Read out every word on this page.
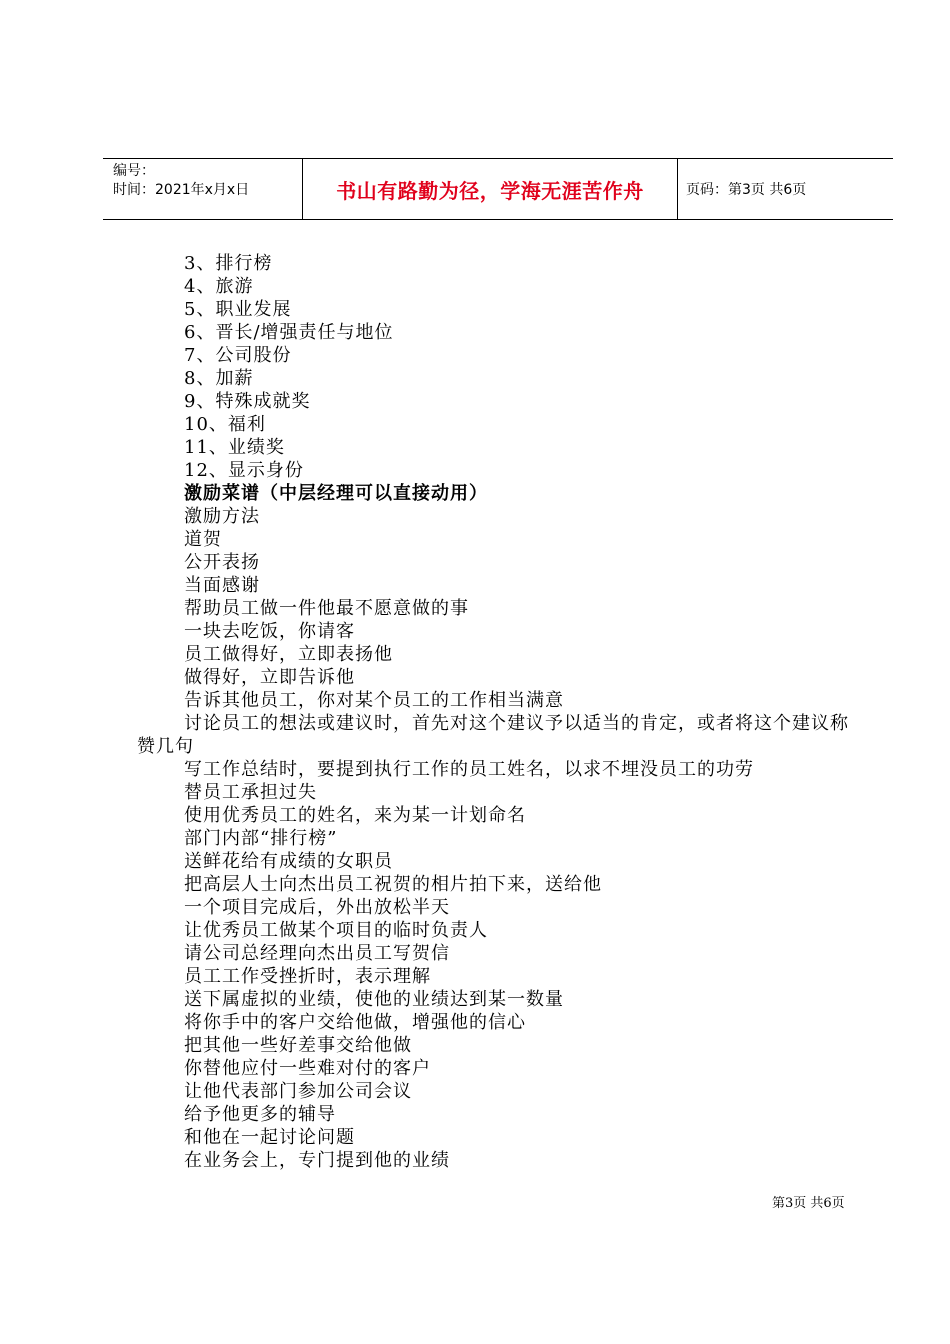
编号：
时间：2021年x月x日	书山有路勤为径，学海无涯苦作舟	页码：第3页 共6页
3、排行榜
4、旅游
5、职业发展
6、晋长/增强责任与地位
7、公司股份
8、加薪
9、特殊成就奖
10、福利
11、业绩奖
12、显示身份
激励菜谱（中层经理可以直接动用）
激励方法
道贺
公开表扬
当面感谢
帮助员工做一件他最不愿意做的事
一块去吃饭，你请客
员工做得好，立即表扬他
做得好，立即告诉他
告诉其他员工，你对某个员工的工作相当满意
讨论员工的想法或建议时，首先对这个建议予以适当的肯定，或者将这个建议称赞几句
写工作总结时，要提到执行工作的员工姓名，以求不埋没员工的功劳
替员工承担过失
使用优秀员工的姓名，来为某一计划命名
部门内部“排行榜”
送鲜花给有成绩的女职员
把高层人士向杰出员工祝贺的相片拍下来，送给他
一个项目完成后，外出放松半天
让优秀员工做某个项目的临时负责人
请公司总经理向杰出员工写贺信
员工工作受挫折时，表示理解
送下属虚拟的业绩，使他的业绩达到某一数量
将你手中的客户交给他做，增强他的信心
把其他一些好差事交给他做
你替他应付一些难对付的客户
让他代表部门参加公司会议
给予他更多的辅导
和他在一起讨论问题
在业务会上，专门提到他的业绩
第3页 共6页
